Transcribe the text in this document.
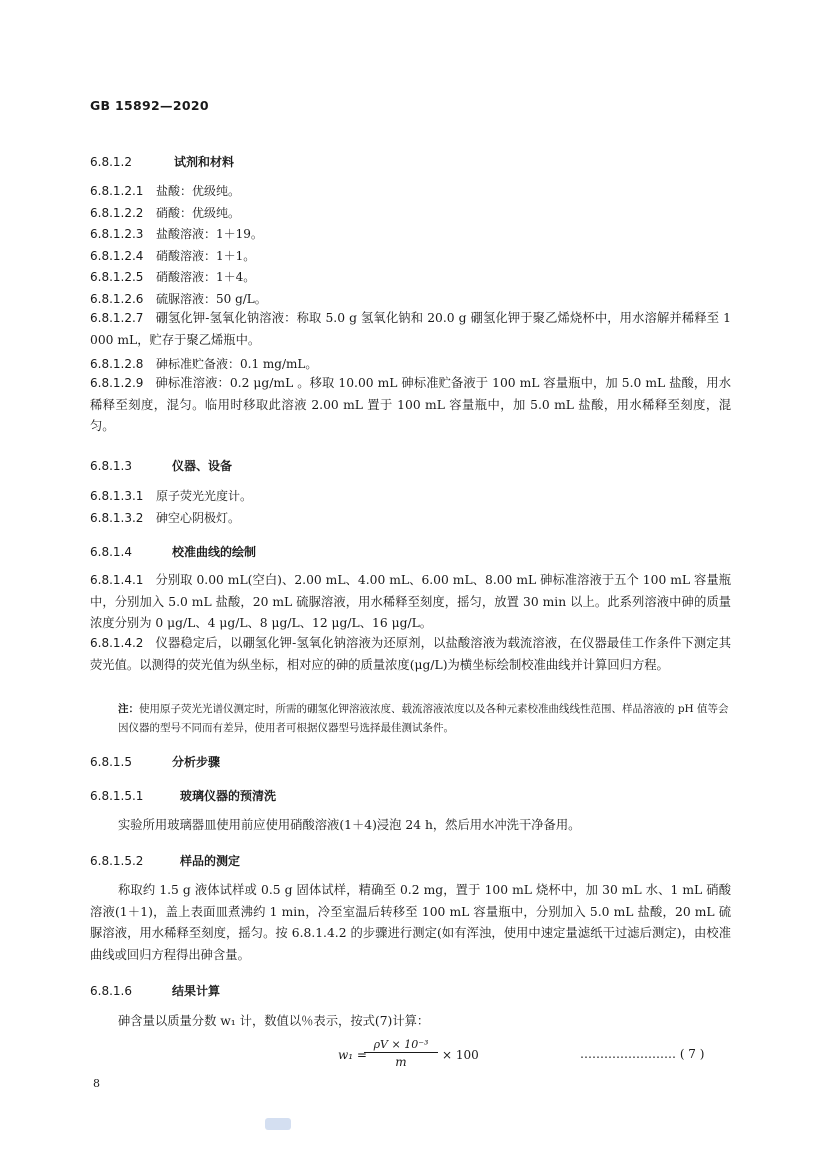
GB 15892—2020
6.8.1.2	试剂和材料
6.8.1.2.1 盐酸：优级纯。
6.8.1.2.2 硝酸：优级纯。
6.8.1.2.3 盐酸溶液：1＋19。
6.8.1.2.4 硝酸溶液：1＋1。
6.8.1.2.5 硝酸溶液：1＋4。
6.8.1.2.6 硫脲溶液：50 g/L。
6.8.1.2.7 硼氢化钾-氢氧化钠溶液：称取 5.0 g 氢氧化钠和 20.0 g 硼氢化钾于聚乙烯烧杯中，用水溶解并稀释至 1 000 mL，贮存于聚乙烯瓶中。
6.8.1.2.8 砷标准贮备液：0.1 mg/mL。
6.8.1.2.9 砷标准溶液：0.2 μg/mL 。移取 10.00 mL 砷标准贮备液于 100 mL 容量瓶中，加 5.0 mL 盐酸，用水稀释至刻度，混匀。临用时移取此溶液 2.00 mL 置于 100 mL 容量瓶中，加 5.0 mL 盐酸，用水稀释至刻度，混匀。
6.8.1.3	仪器、设备
6.8.1.3.1 原子荧光光度计。
6.8.1.3.2 砷空心阴极灯。
6.8.1.4	校准曲线的绘制
6.8.1.4.1 分别取 0.00 mL(空白)、2.00 mL、4.00 mL、6.00 mL、8.00 mL 砷标准溶液于五个 100 mL 容量瓶中，分别加入 5.0 mL 盐酸，20 mL 硫脲溶液，用水稀释至刻度，摇匀，放置 30 min 以上。此系列溶液中砷的质量浓度分别为 0 μg/L、4 μg/L、8 μg/L、12 μg/L、16 μg/L。
6.8.1.4.2 仪器稳定后，以硼氢化钾-氢氧化钠溶液为还原剂，以盐酸溶液为载流溶液，在仪器最佳工作条件下测定其荧光值。以测得的荧光值为纵坐标，相对应的砷的质量浓度(μg/L)为横坐标绘制校准曲线并计算回归方程。
注：使用原子荧光光谱仪测定时，所需的硼氢化钾溶液浓度、载流溶液浓度以及各种元素校准曲线线性范围、样品溶液的 pH 值等会因仪器的型号不同而有差异，使用者可根据仪器型号选择最佳测试条件。
6.8.1.5	分析步骤
6.8.1.5.1	玻璃仪器的预清洗
实验所用玻璃器皿使用前应使用硝酸溶液(1＋4)浸泡 24 h，然后用水冲洗干净备用。
6.8.1.5.2	样品的测定
称取约 1.5 g 液体试样或 0.5 g 固体试样，精确至 0.2 mg，置于 100 mL 烧杯中，加 30 mL 水、1 mL 硝酸溶液(1＋1)，盖上表面皿煮沸约 1 min，冷至室温后转移至 100 mL 容量瓶中，分别加入 5.0 mL 盐酸，20 mL 硫脲溶液，用水稀释至刻度，摇匀。按 6.8.1.4.2 的步骤进行测定(如有浑浊，使用中速定量滤纸干过滤后测定)，由校准曲线或回归方程得出砷含量。
6.8.1.6	结果计算
砷含量以质量分数 w₁ 计，数值以％表示，按式(7)计算：
w₁ =
$\frac{\text{ρV × 10⁻³}}{m} \times 100$	…………………… ( 7 )
8
